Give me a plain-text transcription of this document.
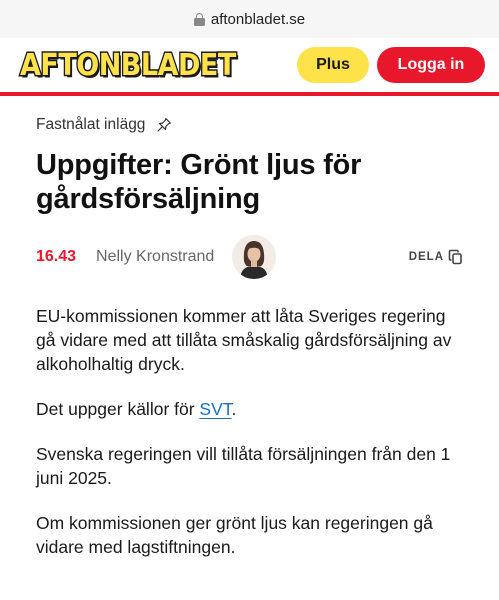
aftonbladet.se
AFTONBLADET	Plus	Logga in
Fastnålat inlägg
Uppgifter: Grönt ljus för gårdsförsäljning
16.43 Nelly Kronstrand	DELA

EU-kommissionen kommer att låta Sveriges regering gå vidare med att tillåta småskalig gårdsförsäljning av alkoholhaltig dryck.

Det uppger källor för SVT.

Svenska regeringen vill tillåta försäljningen från den 1 juni 2025.

Om kommissionen ger grönt ljus kan regeringen gå vidare med lagstiftningen.
